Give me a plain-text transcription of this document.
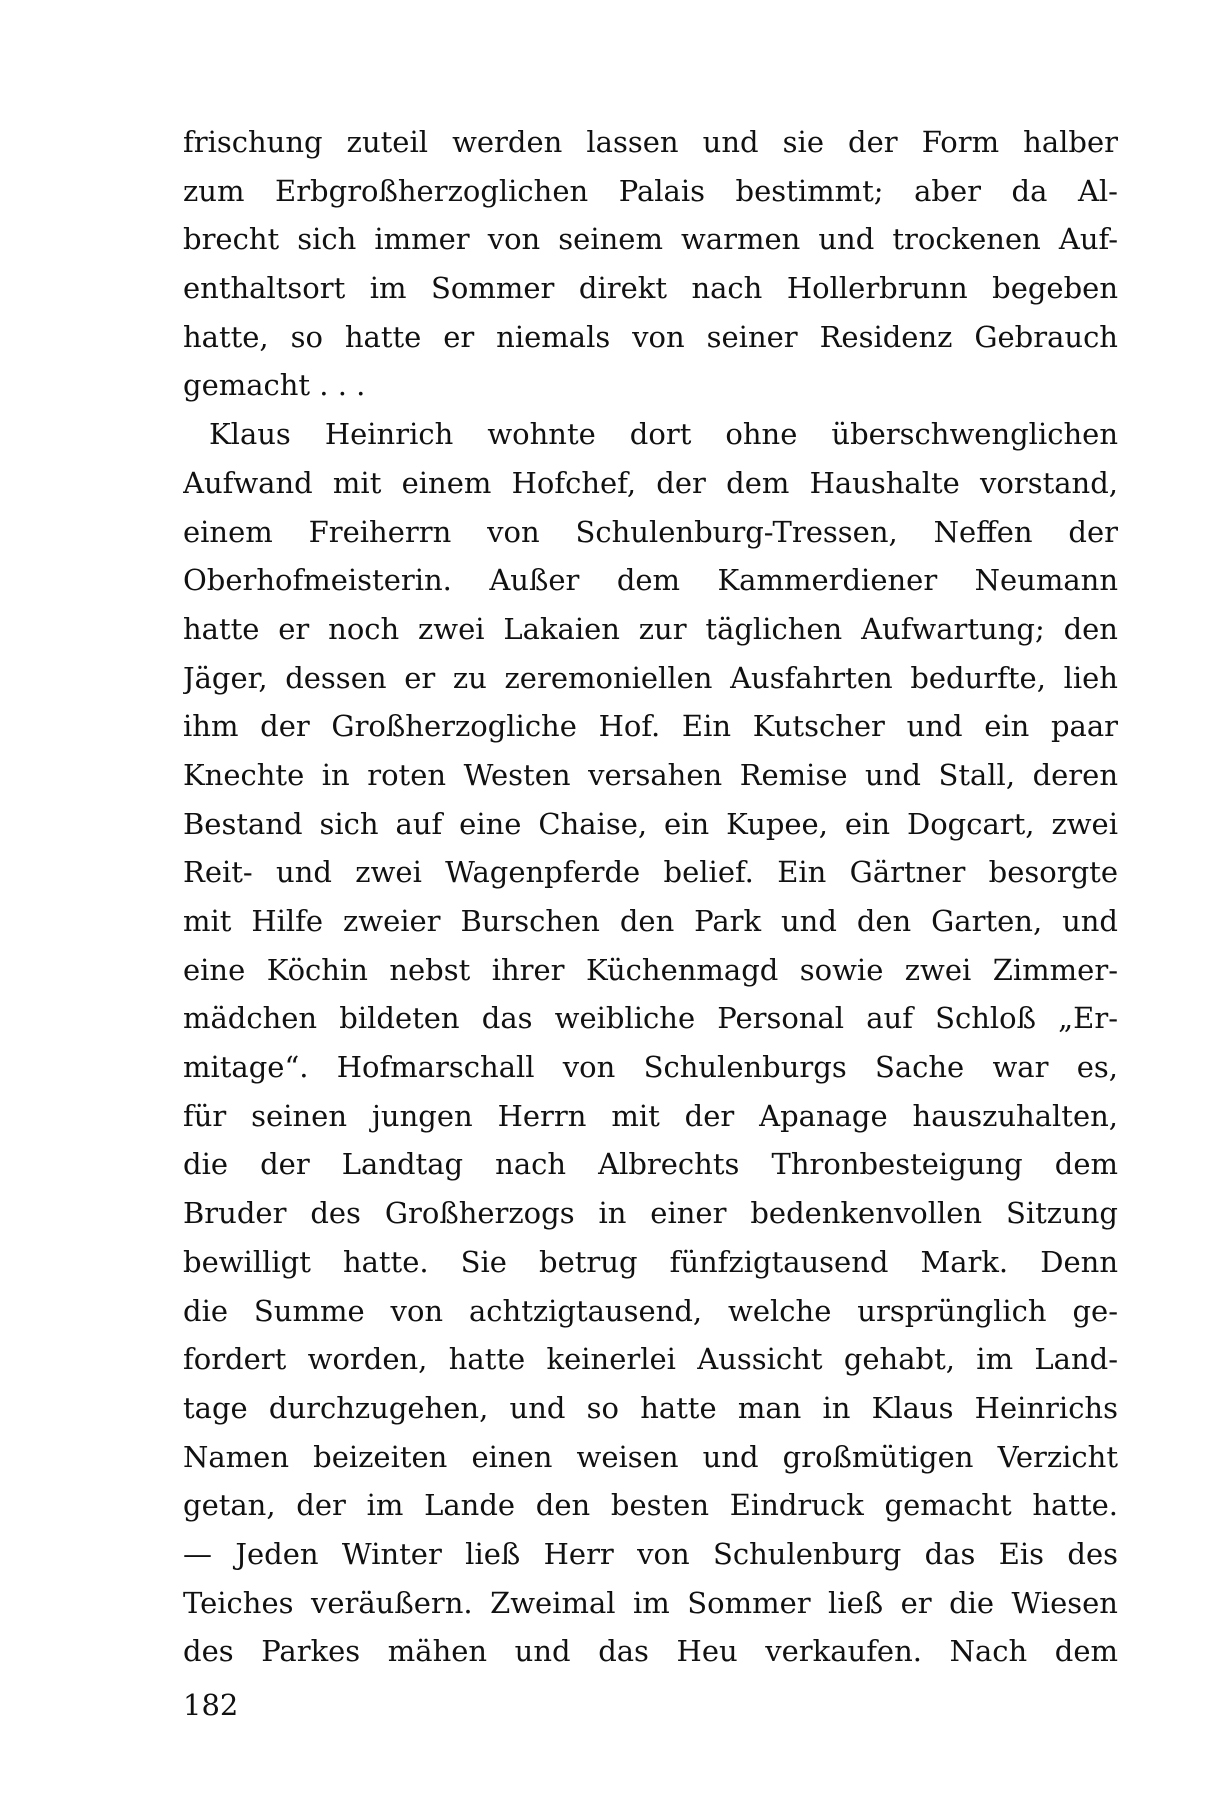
frischung zuteil werden lassen und sie der Form halber
zum Erbgroßherzoglichen Palais bestimmt; aber da Al-
brecht sich immer von seinem warmen und trockenen Auf-
enthaltsort im Sommer direkt nach Hollerbrunn begeben
hatte, so hatte er niemals von seiner Residenz Gebrauch
gemacht . . .
Klaus Heinrich wohnte dort ohne überschwenglichen
Aufwand mit einem Hofchef, der dem Haushalte vorstand,
einem Freiherrn von Schulenburg-Tressen, Neffen der
Oberhofmeisterin. Außer dem Kammerdiener Neumann
hatte er noch zwei Lakaien zur täglichen Aufwartung; den
Jäger, dessen er zu zeremoniellen Ausfahrten bedurfte, lieh
ihm der Großherzogliche Hof. Ein Kutscher und ein paar
Knechte in roten Westen versahen Remise und Stall, deren
Bestand sich auf eine Chaise, ein Kupee, ein Dogcart, zwei
Reit- und zwei Wagenpferde belief. Ein Gärtner besorgte
mit Hilfe zweier Burschen den Park und den Garten, und
eine Köchin nebst ihrer Küchenmagd sowie zwei Zimmer-
mädchen bildeten das weibliche Personal auf Schloß „Er-
mitage“. Hofmarschall von Schulenburgs Sache war es,
für seinen jungen Herrn mit der Apanage hauszuhalten,
die der Landtag nach Albrechts Thronbesteigung dem
Bruder des Großherzogs in einer bedenkenvollen Sitzung
bewilligt hatte. Sie betrug fünfzigtausend Mark. Denn
die Summe von achtzigtausend, welche ursprünglich ge-
fordert worden, hatte keinerlei Aussicht gehabt, im Land-
tage durchzugehen, und so hatte man in Klaus Heinrichs
Namen beizeiten einen weisen und großmütigen Verzicht
getan, der im Lande den besten Eindruck gemacht hatte.
— Jeden Winter ließ Herr von Schulenburg das Eis des
Teiches veräußern. Zweimal im Sommer ließ er die Wiesen
des Parkes mähen und das Heu verkaufen. Nach dem
182
